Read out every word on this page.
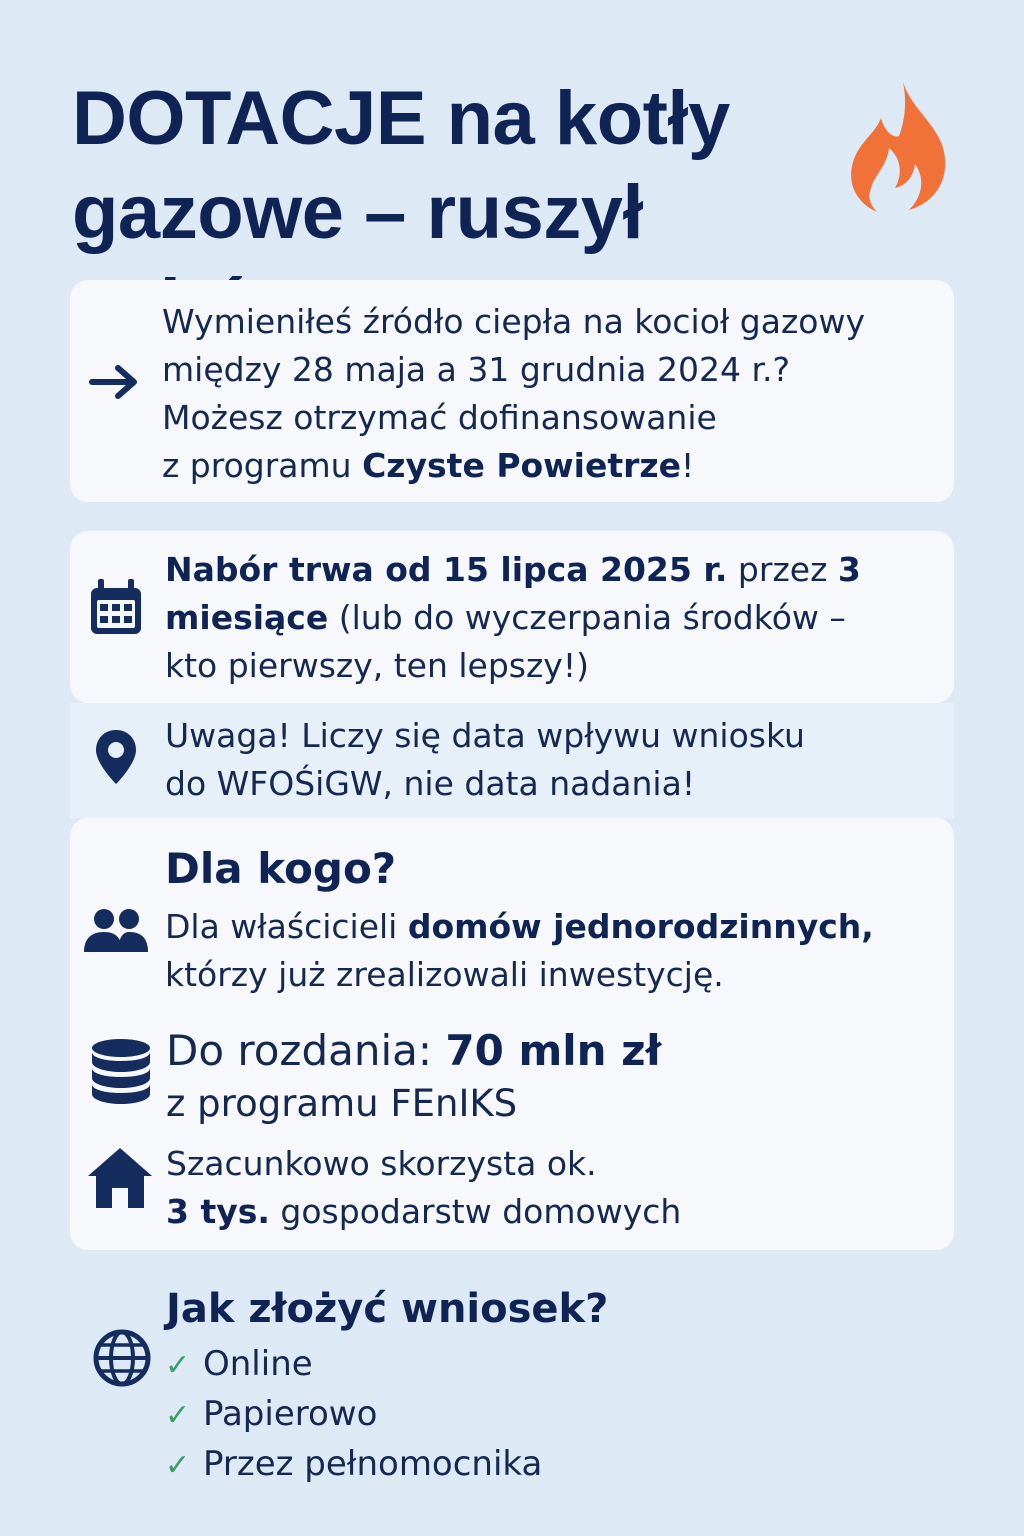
DOTACJE na kotły
gazowe – ruszył
Wymieniłeś źródło ciepła na kocioł gazowy
między 28 maja a 31 grudnia 2024 r.?
Możesz otrzymać dofinansowanie
z programu Czyste Powietrze!
Nabór trwa od 15 lipca 2025 r. przez 3
miesiące (lub do wyczerpania środków –
kto pierwszy, ten lepszy!)
Uwaga! Liczy się data wpływu wniosku
do WFOŚiGW, nie data nadania!
Dla kogo?
Dla właścicieli domów jednorodzinnych,
którzy już zrealizowali inwestycję.
Do rozdania: 70 mln zł
z programu FEnIKS
Szacunkowo skorzysta ok.
3 tys. gospodarstw domowych
Jak złożyć wniosek?
✓ Online
✓ Papierowo
✓ Przez pełnomocnika
